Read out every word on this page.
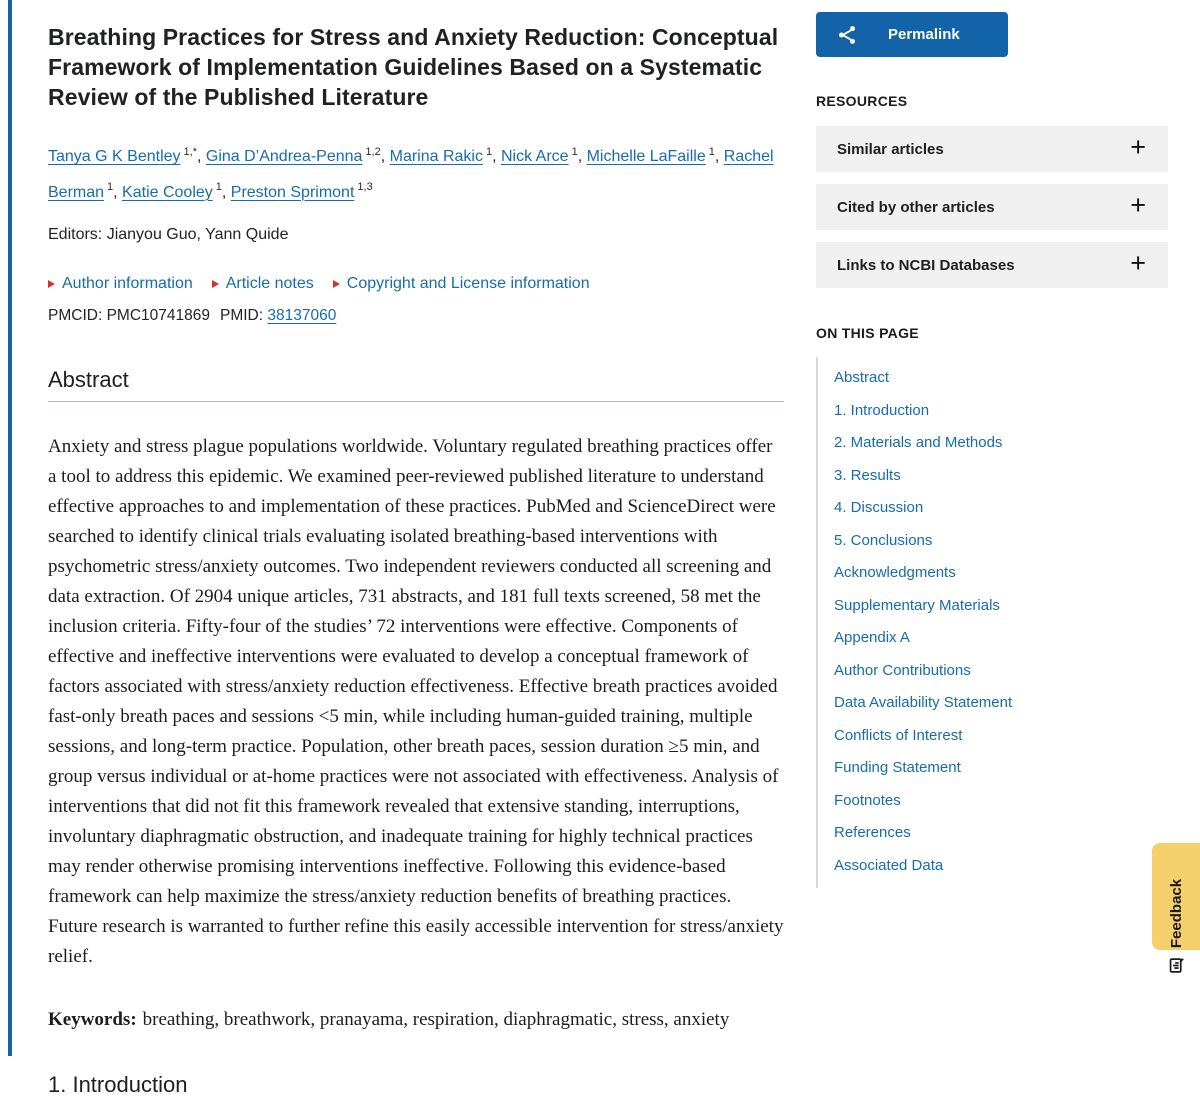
Breathing Practices for Stress and Anxiety Reduction: Conceptual Framework of Implementation Guidelines Based on a Systematic Review of the Published Literature
Tanya G K Bentley $^{1,*}$, Gina D’Andrea-Penna $^{1,2}$, Marina Rakic $^1$, Nick Arce $^1$, Michelle LaFaille $^1$, Rachel Berman $^1$, Katie Cooley $^1$, Preston Sprimont $^{1,3}$
Editors: Jianyou Guo, Yann Quide
Author information Article notes Copyright and License information
PMCID: PMC10741869 PMID: 38137060
Abstract

Anxiety and stress plague populations worldwide. Voluntary regulated breathing practices offer a tool to address this epidemic. We examined peer-reviewed published literature to understand effective approaches to and implementation of these practices. PubMed and ScienceDirect were searched to identify clinical trials evaluating isolated breathing-based interventions with psychometric stress/anxiety outcomes. Two independent reviewers conducted all screening and data extraction. Of 2904 unique articles, 731 abstracts, and 181 full texts screened, 58 met the inclusion criteria. Fifty-four of the studies’ 72 interventions were effective. Components of effective and ineffective interventions were evaluated to develop a conceptual framework of factors associated with stress/anxiety reduction effectiveness. Effective breath practices avoided fast-only breath paces and sessions <5 min, while including human-guided training, multiple sessions, and long-term practice. Population, other breath paces, session duration ≥5 min, and group versus individual or at-home practices were not associated with effectiveness. Analysis of interventions that did not fit this framework revealed that extensive standing, interruptions, involuntary diaphragmatic obstruction, and inadequate training for highly technical practices may render otherwise promising interventions ineffective. Following this evidence-based framework can help maximize the stress/anxiety reduction benefits of breathing practices. Future research is warranted to further refine this easily accessible intervention for stress/anxiety relief.

Keywords: breathing, breathwork, pranayama, respiration, diaphragmatic, stress, anxiety

1. Introduction
Permalink
RESOURCES
Similar articles	+
Cited by other articles	+
Links to NCBI Databases	+
ON THIS PAGE
Abstract
1. Introduction
2. Materials and Methods
3. Results
4. Discussion
5. Conclusions
Acknowledgments
Supplementary Materials
Appendix A
Author Contributions
Data Availability Statement
Conflicts of Interest
Funding Statement
Footnotes
References
Associated Data
Feedback
